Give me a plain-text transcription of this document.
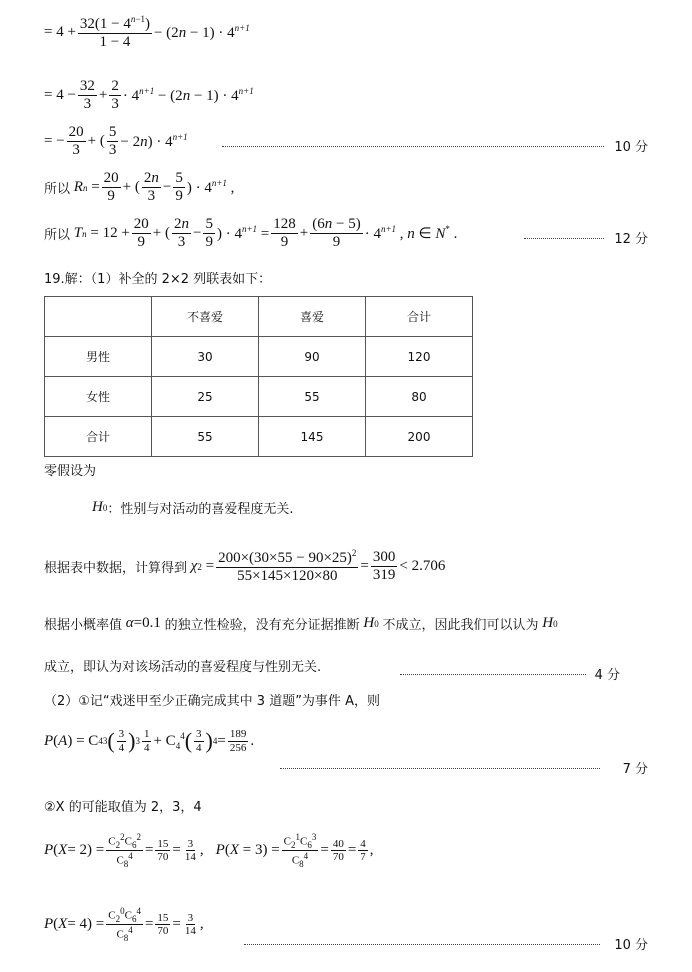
= $4 + \frac{32(1 - 4^{n-1})}{1 - 4} - (2n - 1) \cdot 4^{n+1}$
= $4 - \frac{32}{3} + \frac{2}{3} \cdot 4^{n+1} - (2n - 1) \cdot 4^{n+1}$
= − $\frac{20}{3}$ + ( $\frac{5}{3} - 2n) \cdot 4^{n+1}$
10 分
所以
R $n = \frac{20}{9}$ + ( $\frac{2n}{3} - \frac{5}{9}$ ) · $4^{n+1}$ ,
所以
T $n = 12 + \frac{20}{9}$ + ( $\frac{2n}{3} - \frac{5}{9}$ ) · $4^{n+1} = \frac{128}{9} + \frac{(6n - 5)}{9} \cdot 4^{n+1}$ , n ∈ N* .	12 分
19.解：（1）补全的 2×2 列联表如下：
	不喜爱	喜爱	合计
男性	30	90	120
女性	25	55	80
合计	55	145	200
零假设为
H 0 ：性别与对活动的喜爱程度无关.
根据表中数据，计算得到
χ $2 = \frac{200\times(30\times 55 - 90\times 25)^2}{55\times 145\times 120\times 80} = \frac{300}{319} < 2.706$
根据小概率值
α =0.1 的独立性检验，没有充分证据推断
H 0
不成立，因此我们可以认为
H 0
成立，即认为对该场活动的喜爱程度与性别无关.
4 分
（2）①记“戏迷甲至少正确完成其中 3 道题”为事件 A，则
P ( A ) = C 4 3 ( $\frac{3}{4}$ ) $3 \frac{1}{4} + C_4^4$ ( $\frac{3}{4}$ ) $4 = \frac{189}{256}$ .
7 分
②X 的可能取值为 2，3，4
P ( $X = 2) = \frac{C_2^2C_6^2}{C_8^4} = \frac{15}{70} = \frac{3}{14}$ , $P(X = 3) = \frac{C_2^1C_6^3}{C_8^4} = \frac{40}{70} = \frac{4}{7}$ ,
P ( $X = 4) = \frac{C_2^0C_6^4}{C_8^4} = \frac{15}{70} = \frac{3}{14}$ ,
10 分
